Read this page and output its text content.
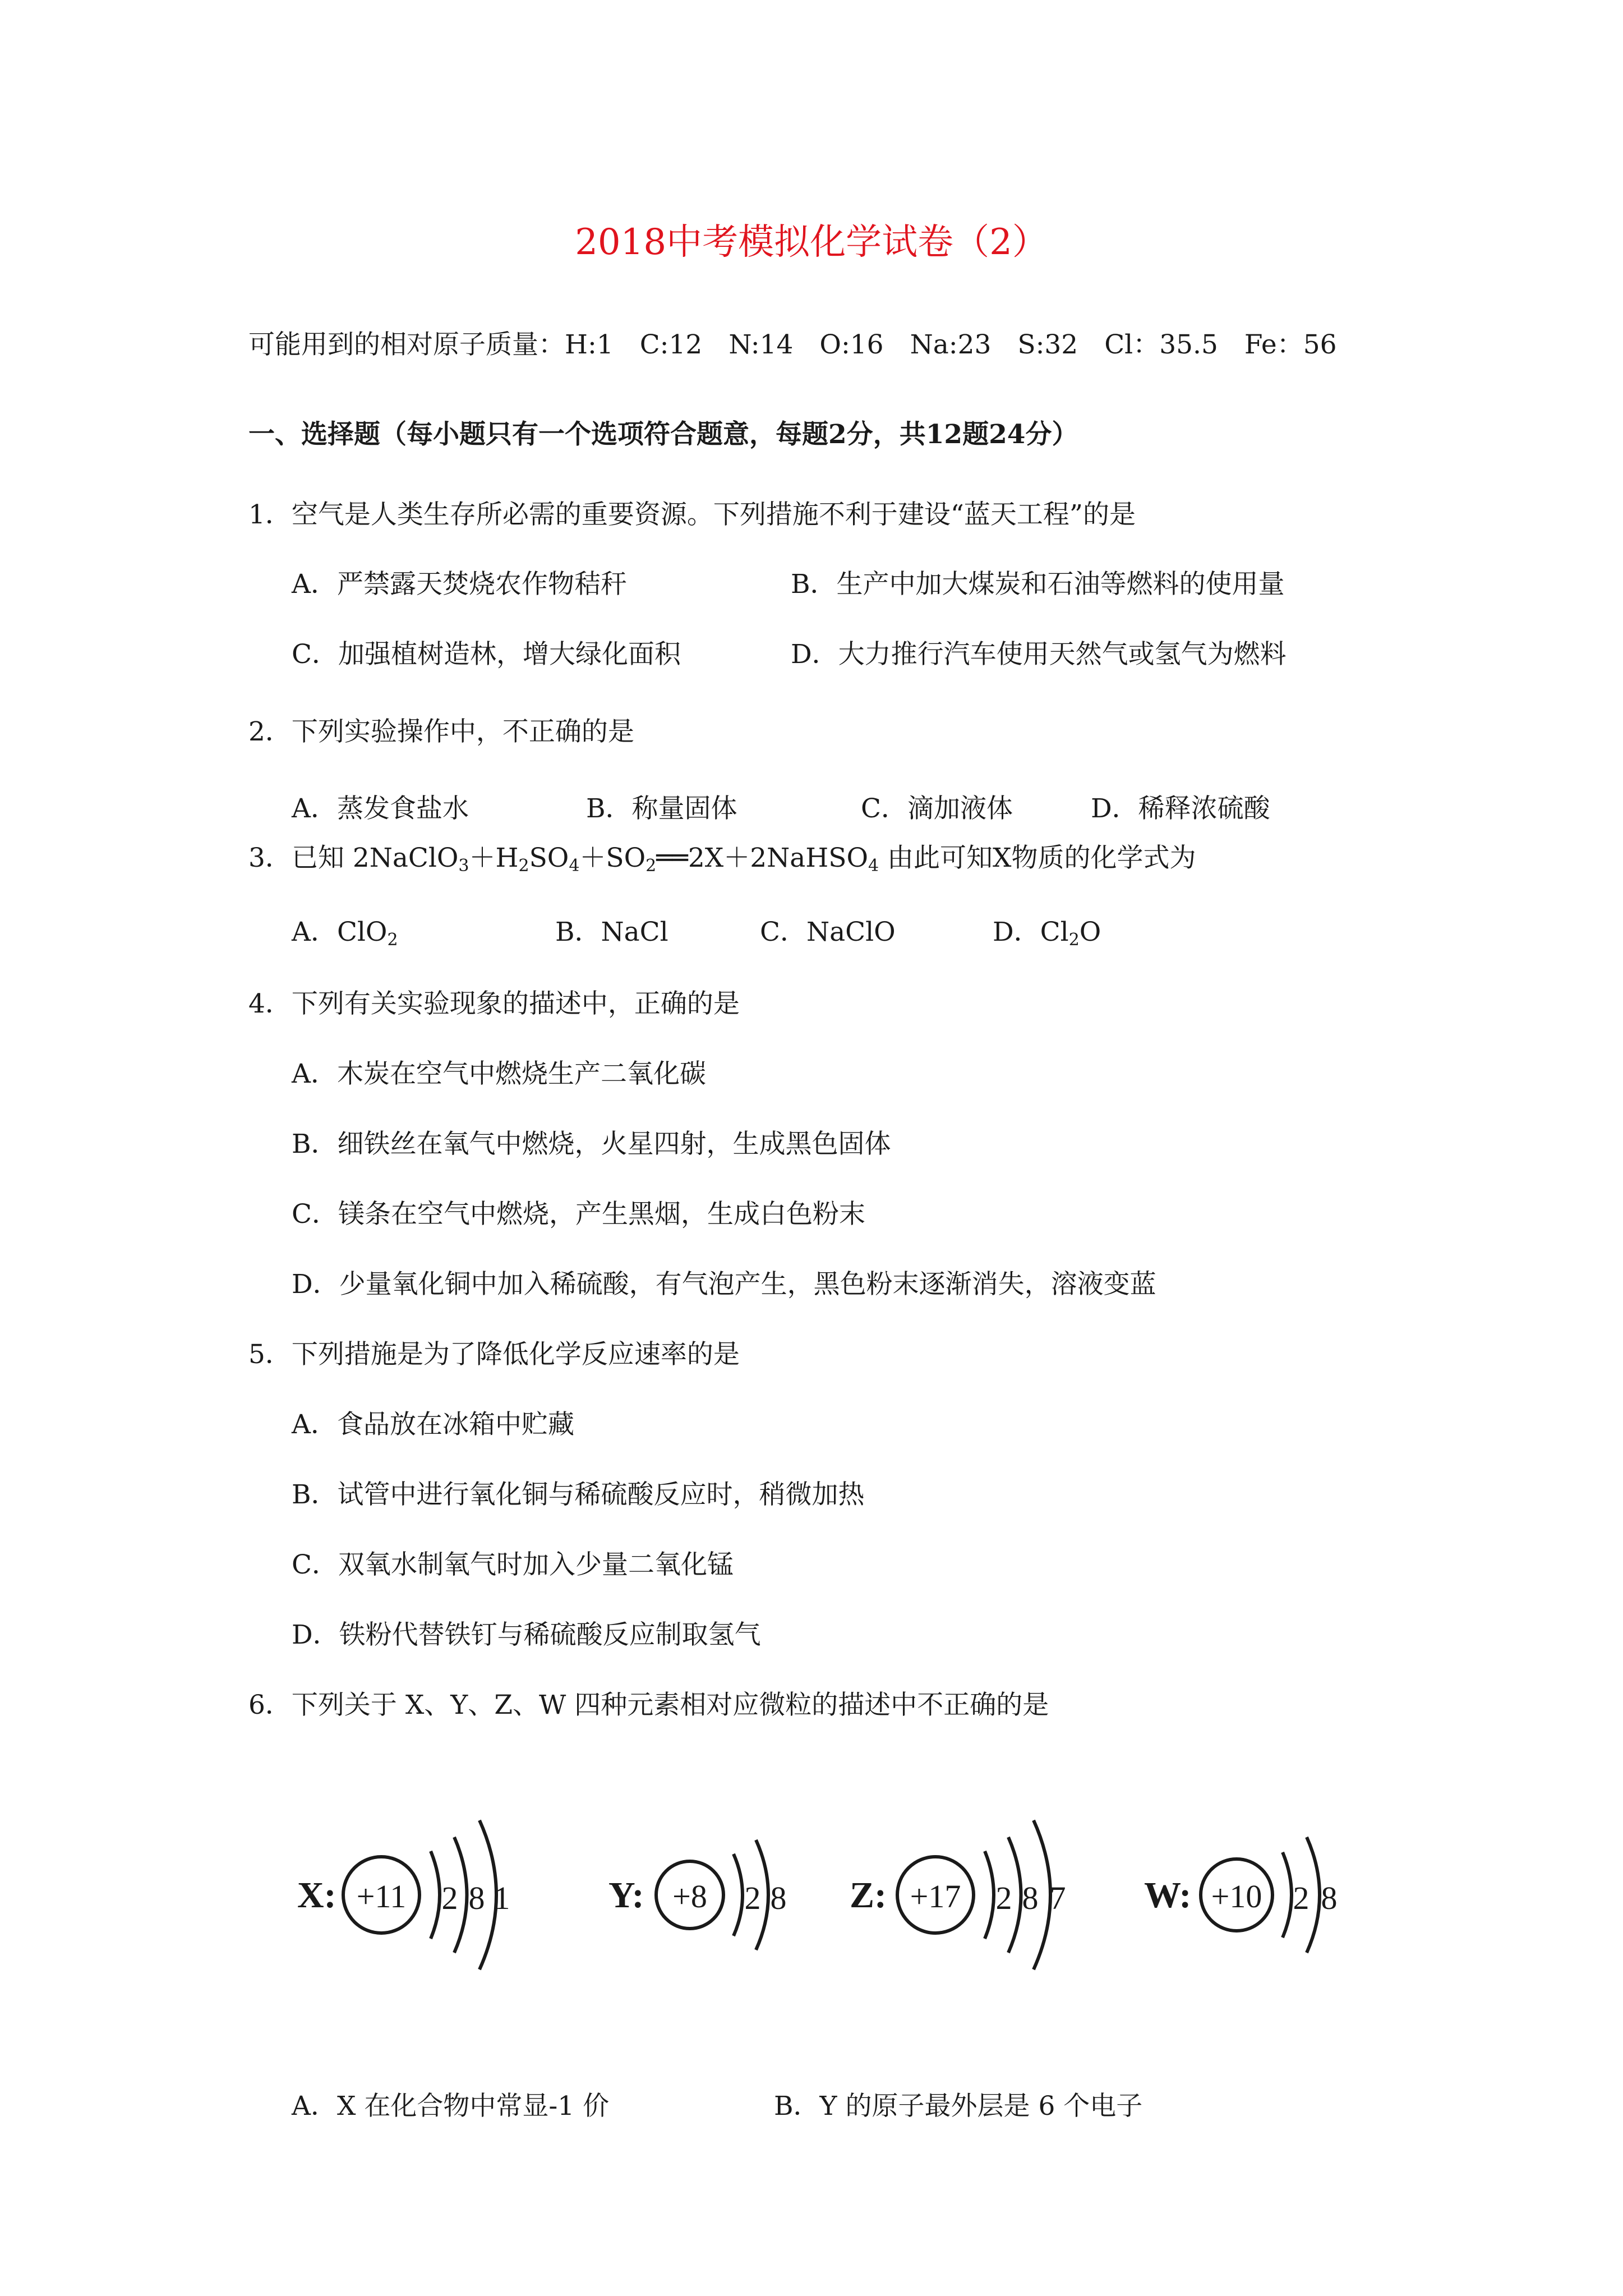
2018中考模拟化学试卷（2）
可能用到的相对原子质量：H:1　C:12　N:14　O:16　Na:23　S:32　Cl：35.5　Fe：56
一、选择题（每小题只有一个选项符合题意，每题2分，共12题24分）
1．空气是人类生存所必需的重要资源。下列措施不利于建设“蓝天工程”的是
A．严禁露天焚烧农作物秸秆	B．生产中加大煤炭和石油等燃料的使用量
C．加强植树造林，增大绿化面积	D．大力推行汽车使用天然气或氢气为燃料
2．下列实验操作中，不正确的是
A．蒸发食盐水	B．称量固体	C．滴加液体	D．稀释浓硫酸
3．已知 $2NaClO_3+H_2SO_4+SO_2══2X+2NaHSO_4$ 由此可知X物质的化学式为
A．ClO$_2$	B．NaCl	C．NaClO	D．$Cl_2O$
4．下列有关实验现象的描述中，正确的是
A．木炭在空气中燃烧生产二氧化碳
B．细铁丝在氧气中燃烧，火星四射，生成黑色固体
C．镁条在空气中燃烧，产生黑烟，生成白色粉末
D．少量氧化铜中加入稀硫酸，有气泡产生，黑色粉末逐渐消失，溶液变蓝
5．下列措施是为了降低化学反应速率的是
A．食品放在冰箱中贮藏
B．试管中进行氧化铜与稀硫酸反应时，稍微加热
C．双氧水制氧气时加入少量二氧化锰
D．铁粉代替铁钉与稀硫酸反应制取氢气
6．下列关于 X、Y、Z、W 四种元素相对应微粒的描述中不正确的是
X: +11 2 8 1	Y: +8 2 8 Z: +17 2 8 7 W: +10 2 8
A．X 在化合物中常显-1 价	B．Y 的原子最外层是 6 个电子
